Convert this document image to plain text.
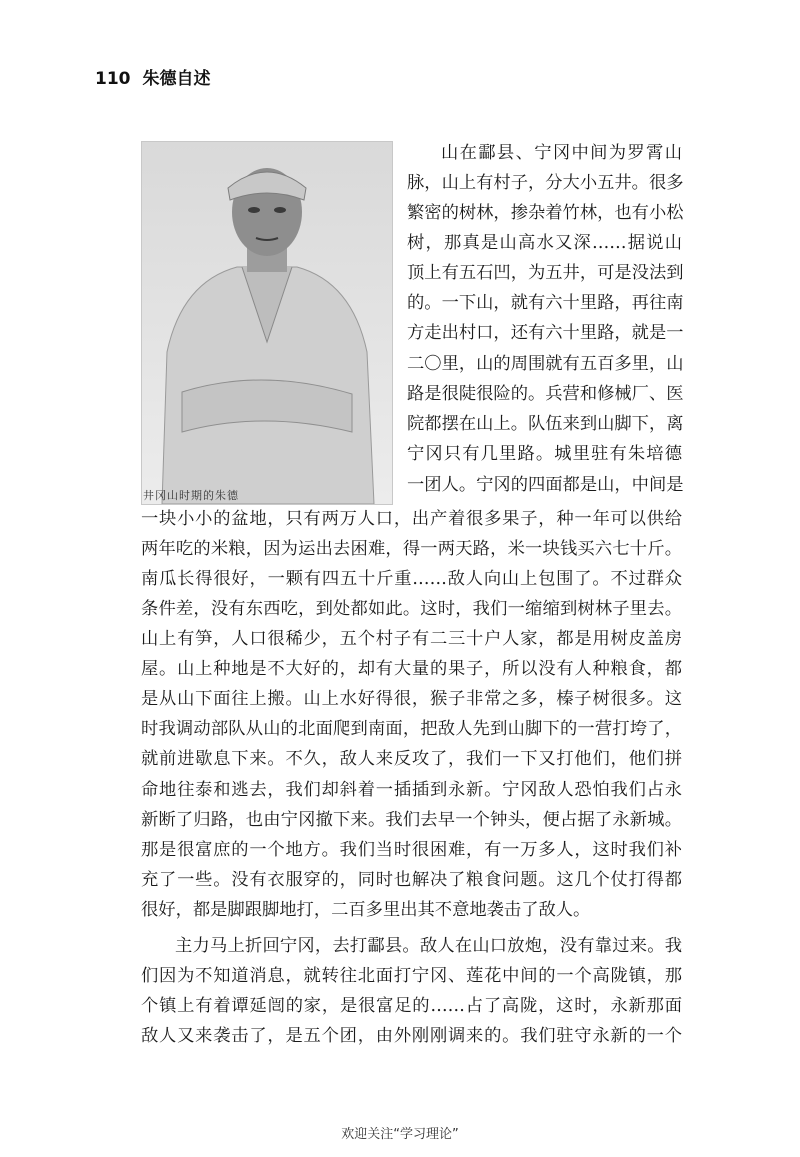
110 朱德自述
井冈山时期的朱德
山在酃县、宁冈中间为罗霄山
脉，山上有村子，分大小五井。很多
繁密的树林，掺杂着竹林，也有小松
树，那真是山高水又深……据说山
顶上有五石凹，为五井，可是没法到
的。一下山，就有六十里路，再往南
方走出村口，还有六十里路，就是一
二〇里，山的周围就有五百多里，山
路是很陡很险的。兵营和修械厂、医
院都摆在山上。队伍来到山脚下，离
宁冈只有几里路。城里驻有朱培德
一团人。宁冈的四面都是山，中间是
一块小小的盆地，只有两万人口，出产着很多果子，种一年可以供给
两年吃的米粮，因为运出去困难，得一两天路，米一块钱买六七十斤。
南瓜长得很好，一颗有四五十斤重……敌人向山上包围了。不过群众
条件差，没有东西吃，到处都如此。这时，我们一缩缩到树林子里去。
山上有笋，人口很稀少，五个村子有二三十户人家，都是用树皮盖房
屋。山上种地是不大好的，却有大量的果子，所以没有人种粮食，都
是从山下面往上搬。山上水好得很，猴子非常之多，榛子树很多。这
时我调动部队从山的北面爬到南面，把敌人先到山脚下的一营打垮了，
就前进歇息下来。不久，敌人来反攻了，我们一下又打他们，他们拼
命地往泰和逃去，我们却斜着一插插到永新。宁冈敌人恐怕我们占永
新断了归路，也由宁冈撤下来。我们去早一个钟头，便占据了永新城。
那是很富庶的一个地方。我们当时很困难，有一万多人，这时我们补
充了一些。没有衣服穿的，同时也解决了粮食问题。这几个仗打得都
很好，都是脚跟脚地打，二百多里出其不意地袭击了敌人。
主力马上折回宁冈，去打酃县。敌人在山口放炮，没有靠过来。我
们因为不知道消息，就转往北面打宁冈、莲花中间的一个高陇镇，那
个镇上有着谭延闿的家，是很富足的……占了高陇，这时，永新那面
敌人又来袭击了，是五个团，由外刚刚调来的。我们驻守永新的一个
欢迎关注“学习理论”
